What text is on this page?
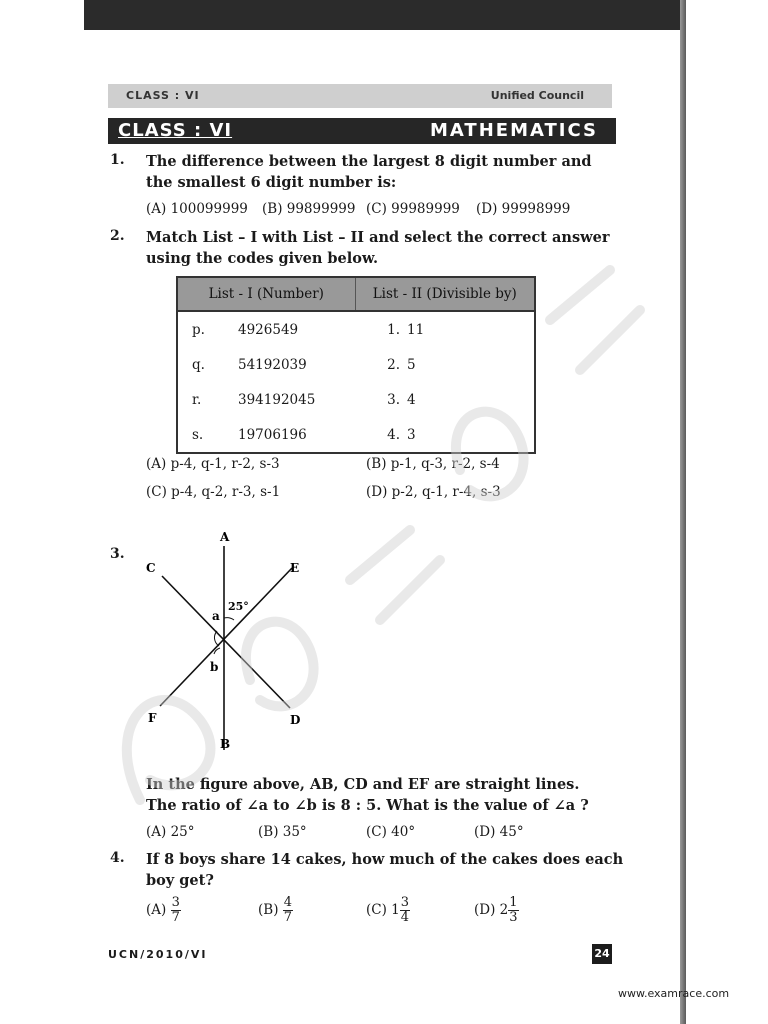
CLASS : VI	Unified Council
CLASS : VI	MATHEMATICS
1. The difference between the largest 8 digit number and
the smallest 6 digit number is:
(A) 100099999 (B) 99899999 (C) 99989999 (D) 99998999
2. Match List – I with List – II and select the correct answer
using the codes given below.
List - I (Number)		List - II (Divisible by)	
p.	4926549	1.	11
q.	54192039	2.	5
r.	394192045	3.	4
s.	19706196	4.	3
(A) p-4, q-1, r-2, s-3	(B) p-1, q-3, r-2, s-4
(C) p-4, q-2, r-3, s-1	(D) p-2, q-1, r-4, s-3
3.
A
B
C
D
E
F
a
b
25°
In the figure above, AB, CD and EF are straight lines.
The ratio of ∠a to ∠b is 8 : 5. What is the value of ∠a ?
(A) 25°	(B) 35°	(C) 40°	(D) 45°
4. If 8 boys share 14 cakes, how much of the cakes does each
boy get?
$(A) \frac{3}{7}$	$(B) \frac{4}{7}$	(C) $1 \frac{3}{4}$	(D) $2 \frac{1}{3}$
UCN/2010/VI	24
www.examrace.com
